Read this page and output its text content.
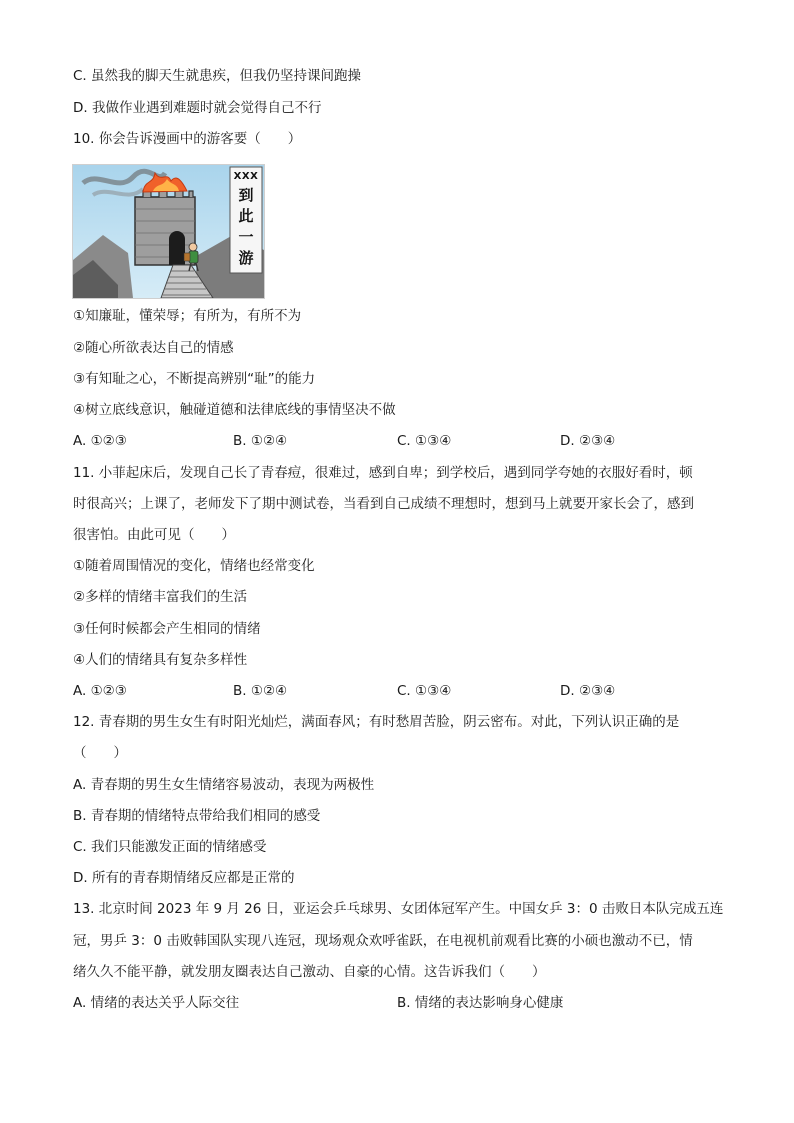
C. 虽然我的脚天生就患疾，但我仍坚持课间跑操
D. 我做作业遇到难题时就会觉得自己不行
10. 你会告诉漫画中的游客要（　　）
XXX
到
此
一
游
①知廉耻，懂荣辱；有所为，有所不为
②随心所欲表达自己的情感
③有知耻之心，不断提高辨别“耻”的能力
④树立底线意识，触碰道德和法律底线的事情坚决不做
A. ①②③	B. ①②④	C. ①③④	D. ②③④
11. 小菲起床后，发现自己长了青春痘，很难过，感到自卑；到学校后，遇到同学夸她的衣服好看时，顿
时很高兴；上课了，老师发下了期中测试卷，当看到自己成绩不理想时，想到马上就要开家长会了，感到
很害怕。由此可见（　　）
①随着周围情况的变化，情绪也经常变化
②多样的情绪丰富我们的生活
③任何时候都会产生相同的情绪
④人们的情绪具有复杂多样性
A. ①②③	B. ①②④	C. ①③④	D. ②③④
12. 青春期的男生女生有时阳光灿烂，满面春风；有时愁眉苦脸，阴云密布。对此，下列认识正确的是
（　　）
A. 青春期的男生女生情绪容易波动，表现为两极性
B. 青春期的情绪特点带给我们相同的感受
C. 我们只能激发正面的情绪感受
D. 所有的青春期情绪反应都是正常的
13. 北京时间 2023 年 9 月 26 日，亚运会乒乓球男、女团体冠军产生。中国女乒 3：0 击败日本队完成五连
冠，男乒 3：0 击败韩国队实现八连冠，现场观众欢呼雀跃，在电视机前观看比赛的小硕也激动不已，情
绪久久不能平静，就发朋友圈表达自己激动、自豪的心情。这告诉我们（　　）
A. 情绪的表达关乎人际交往	B. 情绪的表达影响身心健康
